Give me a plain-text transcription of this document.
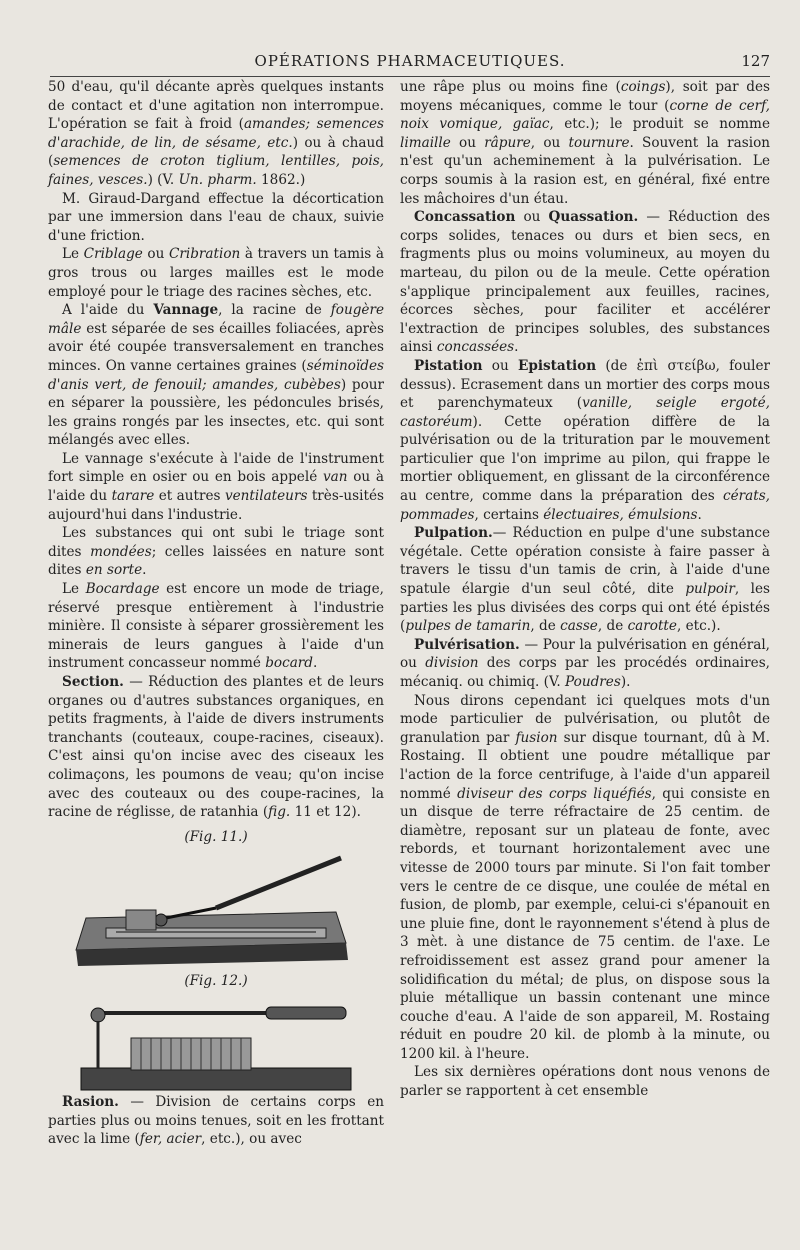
OPÉRATIONS PHARMACEUTIQUES.	127

50 d'eau, qu'il décante après quelques instants de contact et d'une agitation non interrompue. L'opération se fait à froid (amandes; semences d'arachide, de lin, de sésame, etc.) ou à chaud (semences de croton tiglium, lentilles, pois, faines, vesces.) (V. Un. pharm. 1862.)

M. Giraud-Dargand effectue la décortication par une immersion dans l'eau de chaux, suivie d'une friction.

Le Criblage ou Cribration à travers un tamis à gros trous ou larges mailles est le mode employé pour le triage des racines sèches, etc.

A l'aide du Vannage, la racine de fougère mâle est séparée de ses écailles foliacées, après avoir été coupée transversalement en tranches minces. On vanne certaines graines (séminoïdes d'anis vert, de fenouil; amandes, cubèbes) pour en séparer la poussière, les pédoncules brisés, les grains rongés par les insectes, etc. qui sont mélangés avec elles.

Le vannage s'exécute à l'aide de l'instrument fort simple en osier ou en bois appelé van ou à l'aide du tarare et autres ventilateurs très-usités aujourd'hui dans l'industrie.

Les substances qui ont subi le triage sont dites mondées; celles laissées en nature sont dites en sorte.

Le Bocardage est encore un mode de triage, réservé presque entièrement à l'industrie minière. Il consiste à séparer grossièrement les minerais de leurs gangues à l'aide d'un instrument concasseur nommé bocard.

Section. — Réduction des plantes et de leurs organes ou d'autres substances organiques, en petits fragments, à l'aide de divers instruments tranchants (couteaux, coupe-racines, ciseaux). C'est ainsi qu'on incise avec des ciseaux les colimaçons, les poumons de veau; qu'on incise avec des couteaux ou des coupe-racines, la racine de réglisse, de ratanhia (fig. 11 et 12).

(Fig. 11.)
(Fig. 12.)

Rasion. — Division de certains corps en parties plus ou moins tenues, soit en les frottant avec la lime (fer, acier, etc.), ou avec

une râpe plus ou moins fine (coings), soit par des moyens mécaniques, comme le tour (corne de cerf, noix vomique, gaïac, etc.); le produit se nomme limaille ou râpure, ou tournure. Souvent la rasion n'est qu'un acheminement à la pulvérisation. Le corps soumis à la rasion est, en général, fixé entre les mâchoires d'un étau.

Concassation ou Quassation. — Réduction des corps solides, tenaces ou durs et bien secs, en fragments plus ou moins volumineux, au moyen du marteau, du pilon ou de la meule. Cette opération s'applique principalement aux feuilles, racines, écorces sèches, pour faciliter et accélérer l'extraction de principes solubles, des substances ainsi concassées.

Pistation ou Epistation (de ἐπὶ στείβω, fouler dessus). Ecrasement dans un mortier des corps mous et parenchymateux (vanille, seigle ergoté, castoréum). Cette opération diffère de la pulvérisation ou de la trituration par le mouvement particulier que l'on imprime au pilon, qui frappe le mortier obliquement, en glissant de la circonférence au centre, comme dans la préparation des cérats, pommades, certains électuaires, émulsions.

Pulpation.— Réduction en pulpe d'une substance végétale. Cette opération consiste à faire passer à travers le tissu d'un tamis de crin, à l'aide d'une spatule élargie d'un seul côté, dite pulpoir, les parties les plus divisées des corps qui ont été épistés (pulpes de tamarin, de casse, de carotte, etc.).

Pulvérisation. — Pour la pulvérisation en général, ou division des corps par les procédés ordinaires, mécaniq. ou chimiq. (V. Poudres).

Nous dirons cependant ici quelques mots d'un mode particulier de pulvérisation, ou plutôt de granulation par fusion sur disque tournant, dû à M. Rostaing. Il obtient une poudre métallique par l'action de la force centrifuge, à l'aide d'un appareil nommé diviseur des corps liquéfiés, qui consiste en un disque de terre réfractaire de 25 centim. de diamètre, reposant sur un plateau de fonte, avec rebords, et tournant horizontalement avec une vitesse de 2000 tours par minute. Si l'on fait tomber vers le centre de ce disque, une coulée de métal en fusion, de plomb, par exemple, celui-ci s'épanouit en une pluie fine, dont le rayonnement s'étend à plus de 3 mèt. à une distance de 75 centim. de l'axe. Le refroidissement est assez grand pour amener la solidification du métal; de plus, on dispose sous la pluie métallique un bassin contenant une mince couche d'eau. A l'aide de son appareil, M. Rostaing réduit en poudre 20 kil. de plomb à la minute, ou 1200 kil. à l'heure.

Les six dernières opérations dont nous venons de parler se rapportent à cet ensemble
